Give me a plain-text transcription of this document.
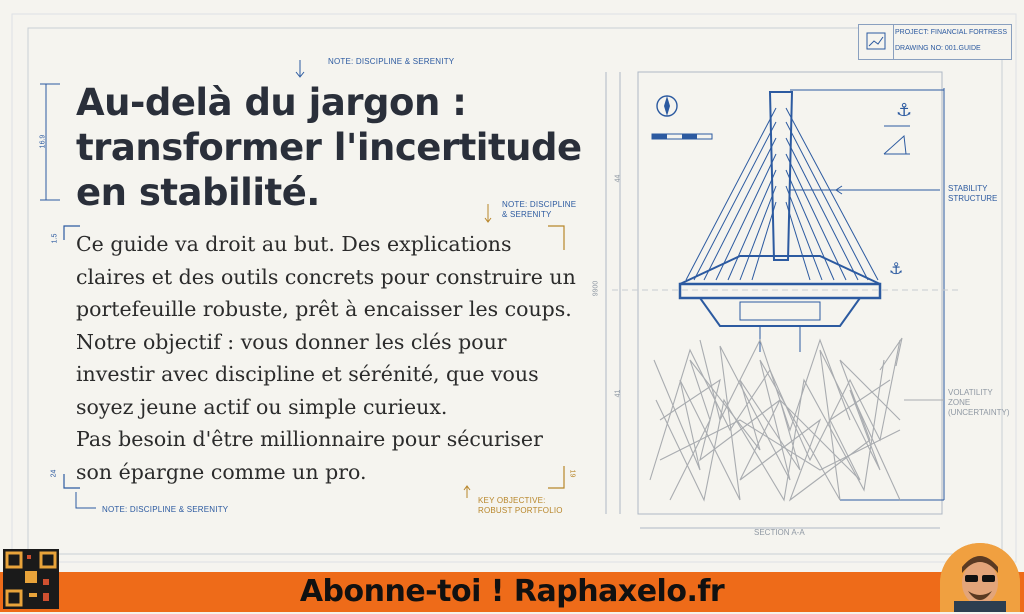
⚓
⚓
PROJECT: FINANCIAL FORTRESS
DRAWING NO: 001.GUIDE
NOTE: DISCIPLINE & SERENITY
NOTE: DISCIPLINE
& SERENITY
NOTE: DISCIPLINE & SERENITY
KEY OBJECTIVE:
ROBUST PORTFOLIO
16.9
1.5
24	19
9900
44
41
Au-delà du jargon :
transformer l'incertitude
en stabilité.
Ce guide va droit au but. Des explications
claires et des outils concrets pour construire un
portefeuille robuste, prêt à encaisser les coups.
Notre objectif : vous donner les clés pour
investir avec discipline et sérénité, que vous
soyez jeune actif ou simple curieux.
Pas besoin d'être millionnaire pour sécuriser
son épargne comme un pro.
STABILITY
STRUCTURE
VOLATILITY
ZONE
(UNCERTAINTY)
SECTION A-A
Abonne-toi ! Raphaxelo.fr
